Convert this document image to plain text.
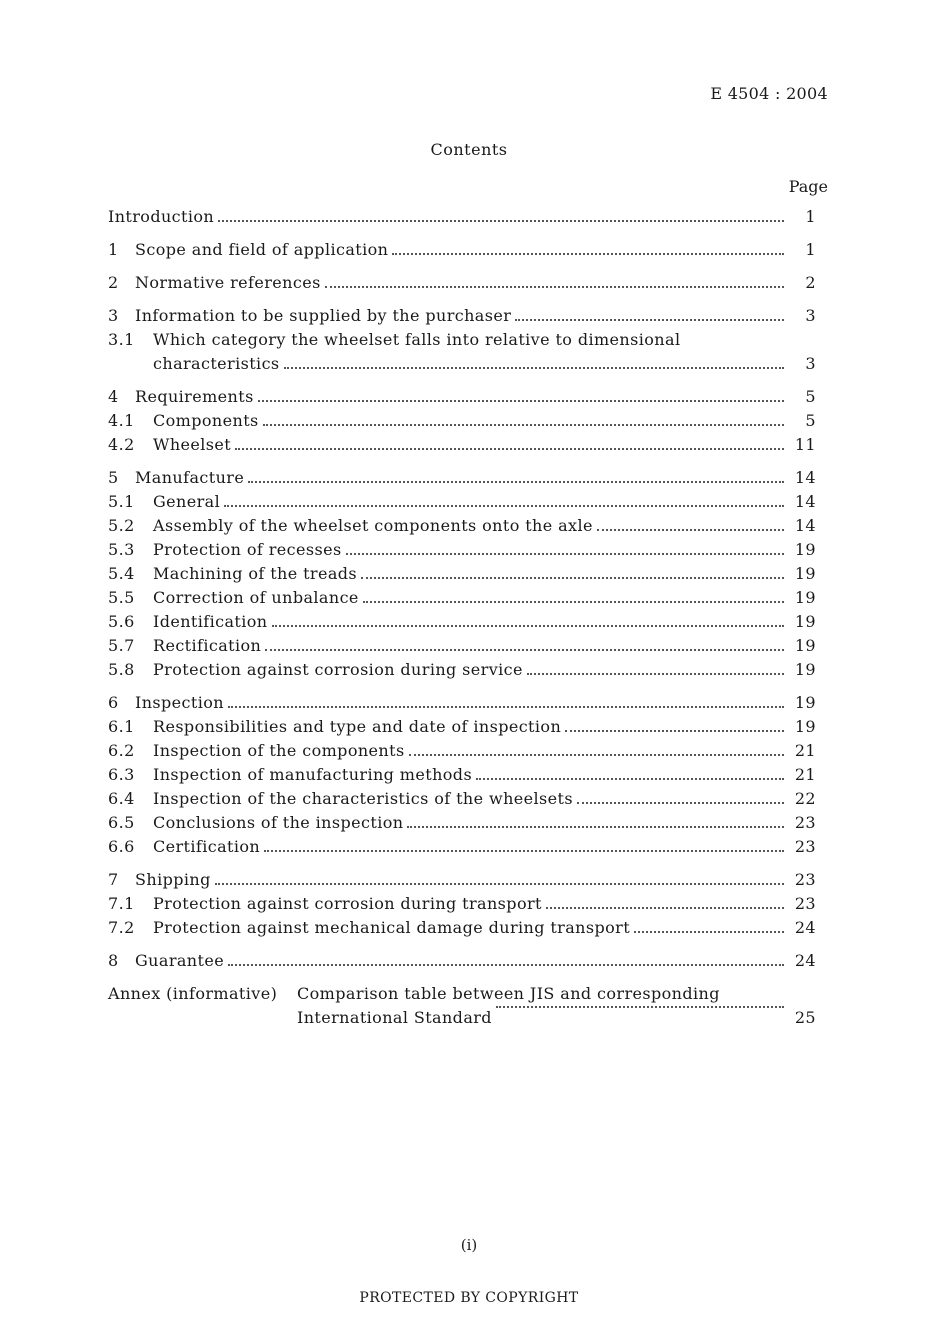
E 4504 : 2004
Contents
Page
Introduction	1
1	Scope and field of application	1
2	Normative references	2
3	Information to be supplied by the purchaser	3
3.1	Which category the wheelset falls into relative to dimensional
characteristics	3
4	Requirements	5
4.1	Components	5
4.2	Wheelset	11
5	Manufacture	14
5.1	General	14
5.2	Assembly of the wheelset components onto the axle	14
5.3	Protection of recesses	19
5.4	Machining of the treads	19
5.5	Correction of unbalance	19
5.6	Identification	19
5.7	Rectification	19
5.8	Protection against corrosion during service	19
6	Inspection	19
6.1	Responsibilities and type and date of inspection	19
6.2	Inspection of the components	21
6.3	Inspection of manufacturing methods	21
6.4	Inspection of the characteristics of the wheelsets	22
6.5	Conclusions of the inspection	23
6.6	Certification	23
7	Shipping	23
7.1	Protection against corrosion during transport	23
7.2	Protection against mechanical damage during transport	24
8	Guarantee	24
Annex (informative)	Comparison table between JIS and corresponding
International Standard	25
(i)
PROTECTED BY COPYRIGHT
